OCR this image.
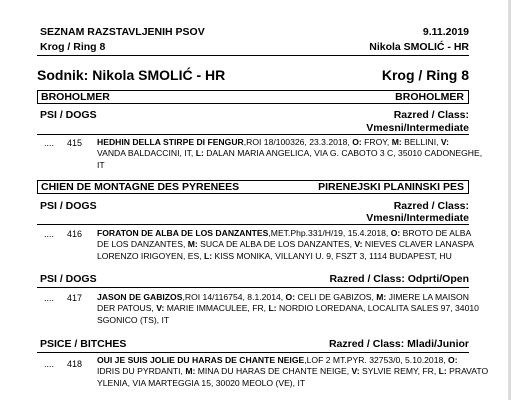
SEZNAM RAZSTAVLJENIH PSOV
Krog / Ring 8
9.11.2019
Nikola SMOLIĆ - HR
Sodnik: Nikola SMOLIĆ - HR	Krog / Ring 8
BROHOLMER	BROHOLMER
PSI / DOGS	Razred / Class:
Vmesni/Intermediate
.... 415 HEDHIN DELLA STIRPE DI FENGUR,ROI 18/100326, 23.3.2018, O: FROY, M: BELLINI, V:
VANDA BALDACCINI, IT, L: DALAN MARIA ANGELICA, VIA G. CABOTO 3 C, 35010 CADONEGHE,
IT
CHIEN DE MONTAGNE DES PYRENEES	PIRENEJSKI PLANINSKI PES
PSI / DOGS	Razred / Class:
Vmesni/Intermediate
.... 416 FORATON DE ALBA DE LOS DANZANTES,MET.Php.331/H/19, 15.4.2018, O: BROTO DE ALBA
DE LOS DANZANTES, M: SUCA DE ALBA DE LOS DANZANTES, V: NIEVES CLAVER LANASPA
LORENZO IRIGOYEN, ES, L: KISS MONIKA, VILLANYI U. 9, FSZT 3, 1114 BUDAPEST, HU
PSI / DOGS	Razred / Class: Odprti/Open
.... 417 JASON DE GABIZOS,ROI 14/116754, 8.1.2014, O: CELI DE GABIZOS, M: JIMERE LA MAISON
DER PATOUS, V: MARIE IMMACULEE, FR, L: NORDIO LOREDANA, LOCALITA SALES 97, 34010
SGONICO (TS), IT
PSICE / BITCHES	Razred / Class: Mladi/Junior
.... 418 OUI JE SUIS JOLIE DU HARAS DE CHANTE NEIGE,LOF 2 MT.PYR. 32753/0, 5.10.2018, O:
IDRIS DU PYRDANTI, M: MINA DU HARAS DE CHANTE NEIGE, V: SYLVIE REMY, FR, L: PRAVATO
YLENIA, VIA MARTEGGIA 15, 30020 MEOLO (VE), IT
